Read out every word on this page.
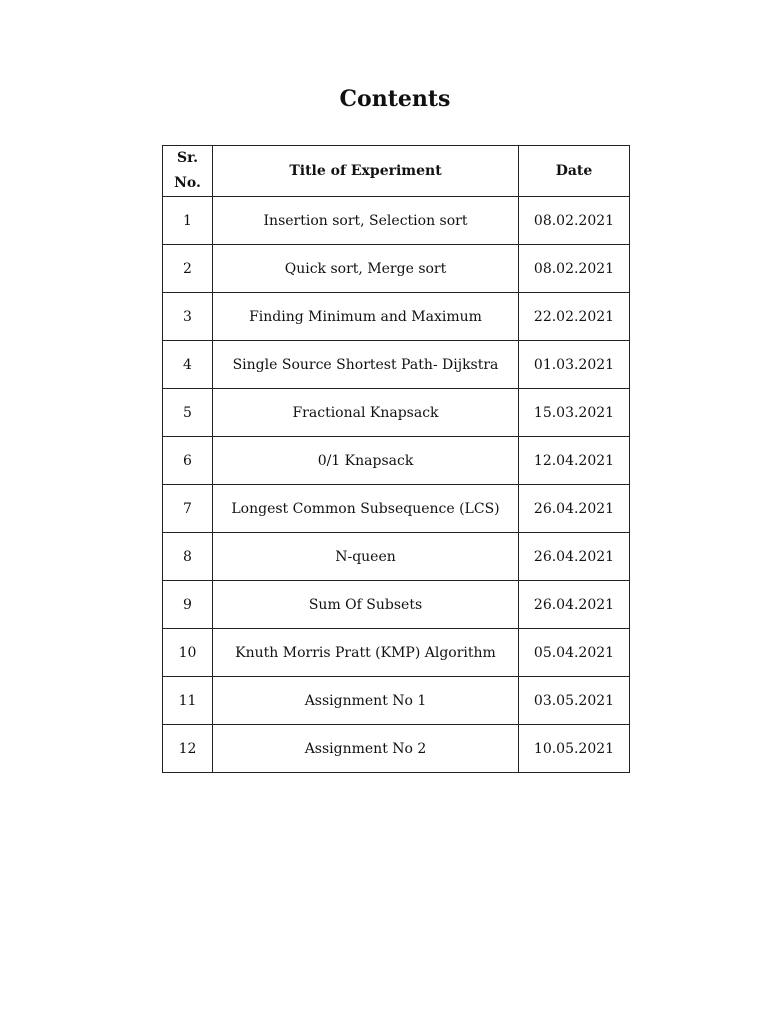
Contents
Sr. No.	Title of Experiment	Date
1	Insertion sort, Selection sort	08.02.2021
2	Quick sort, Merge sort	08.02.2021
3	Finding Minimum and Maximum	22.02.2021
4	Single Source Shortest Path- Dijkstra	01.03.2021
5	Fractional Knapsack	15.03.2021
6	0/1 Knapsack	12.04.2021
7	Longest Common Subsequence (LCS)	26.04.2021
8	N-queen	26.04.2021
9	Sum Of Subsets	26.04.2021
10	Knuth Morris Pratt (KMP) Algorithm	05.04.2021
11	Assignment No 1	03.05.2021
12	Assignment No 2	10.05.2021
